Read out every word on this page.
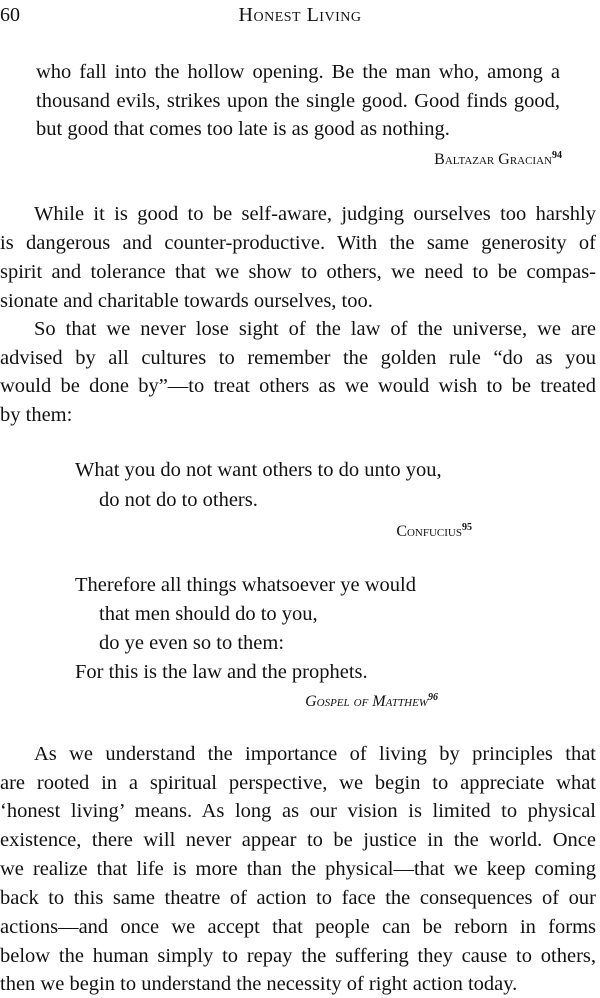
60	Honest Living
who fall into the hollow opening. Be the man who, among a
thousand evils, strikes upon the single good. Good finds good,
but good that comes too late is as good as nothing.
Baltazar Gracian$^{94}$
While it is good to be self-aware, judging ourselves too harshly
is dangerous and counter-productive. With the same generosity of
spirit and tolerance that we show to others, we need to be compas-
sionate and charitable towards ourselves, too.
So that we never lose sight of the law of the universe, we are
advised by all cultures to remember the golden rule “do as you
would be done by”—to treat others as we would wish to be treated
by them:
What you do not want others to do unto you,
do not do to others.
Confucius$^{95}$
Therefore all things whatsoever ye would
that men should do to you,
do ye even so to them:
For this is the law and the prophets.
Gospel of Matthew$^{96}$
As we understand the importance of living by principles that
are rooted in a spiritual perspective, we begin to appreciate what
‘honest living’ means. As long as our vision is limited to physical
existence, there will never appear to be justice in the world. Once
we realize that life is more than the physical—that we keep coming
back to this same theatre of action to face the consequences of our
actions—and once we accept that people can be reborn in forms
below the human simply to repay the suffering they cause to others,
then we begin to understand the necessity of right action today.
